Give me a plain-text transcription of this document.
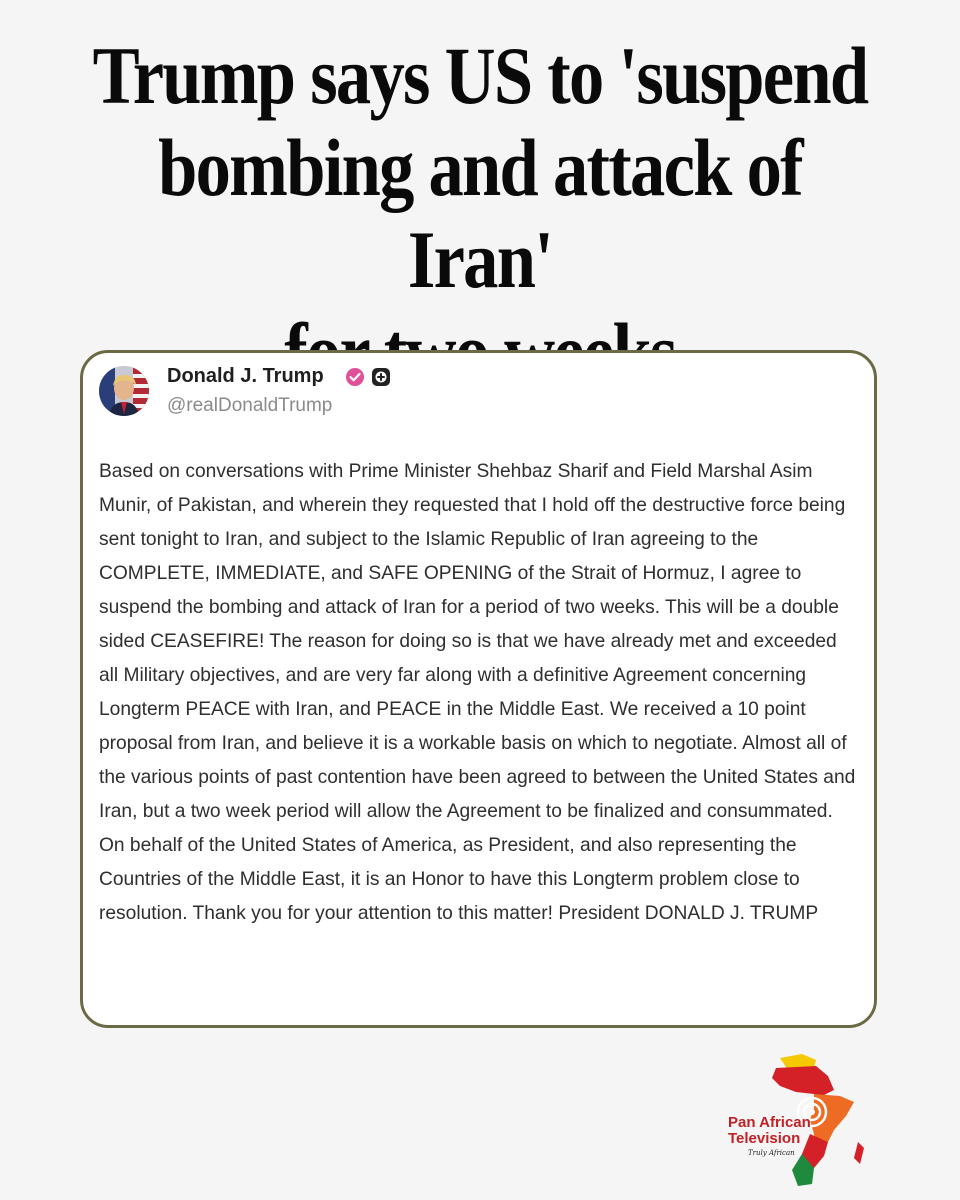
Trump says US to 'suspend
bombing and attack of Iran'

Donald J. Trump
@realDonaldTrump

Based on conversations with Prime Minister Shehbaz Sharif and Field Marshal Asim Munir, of Pakistan, and wherein they requested that I hold off the destructive force being sent tonight to Iran, and subject to the Islamic Republic of Iran agreeing to the COMPLETE, IMMEDIATE, and SAFE OPENING of the Strait of Hormuz, I agree to suspend the bombing and attack of Iran for a period of two weeks. This will be a double sided CEASEFIRE! The reason for doing so is that we have already met and exceeded all Military objectives, and are very far along with a definitive Agreement concerning Longterm PEACE with Iran, and PEACE in the Middle East. We received a 10 point proposal from Iran, and believe it is a workable basis on which to negotiate. Almost all of the various points of past contention have been agreed to between the United States and Iran, but a two week period will allow the Agreement to be finalized and consummated. On behalf of the United States of America, as President, and also representing the Countries of the Middle East, it is an Honor to have this Longterm problem close to resolution. Thank you for your attention to this matter! President DONALD J. TRUMP

Pan African
Television
Truly African
